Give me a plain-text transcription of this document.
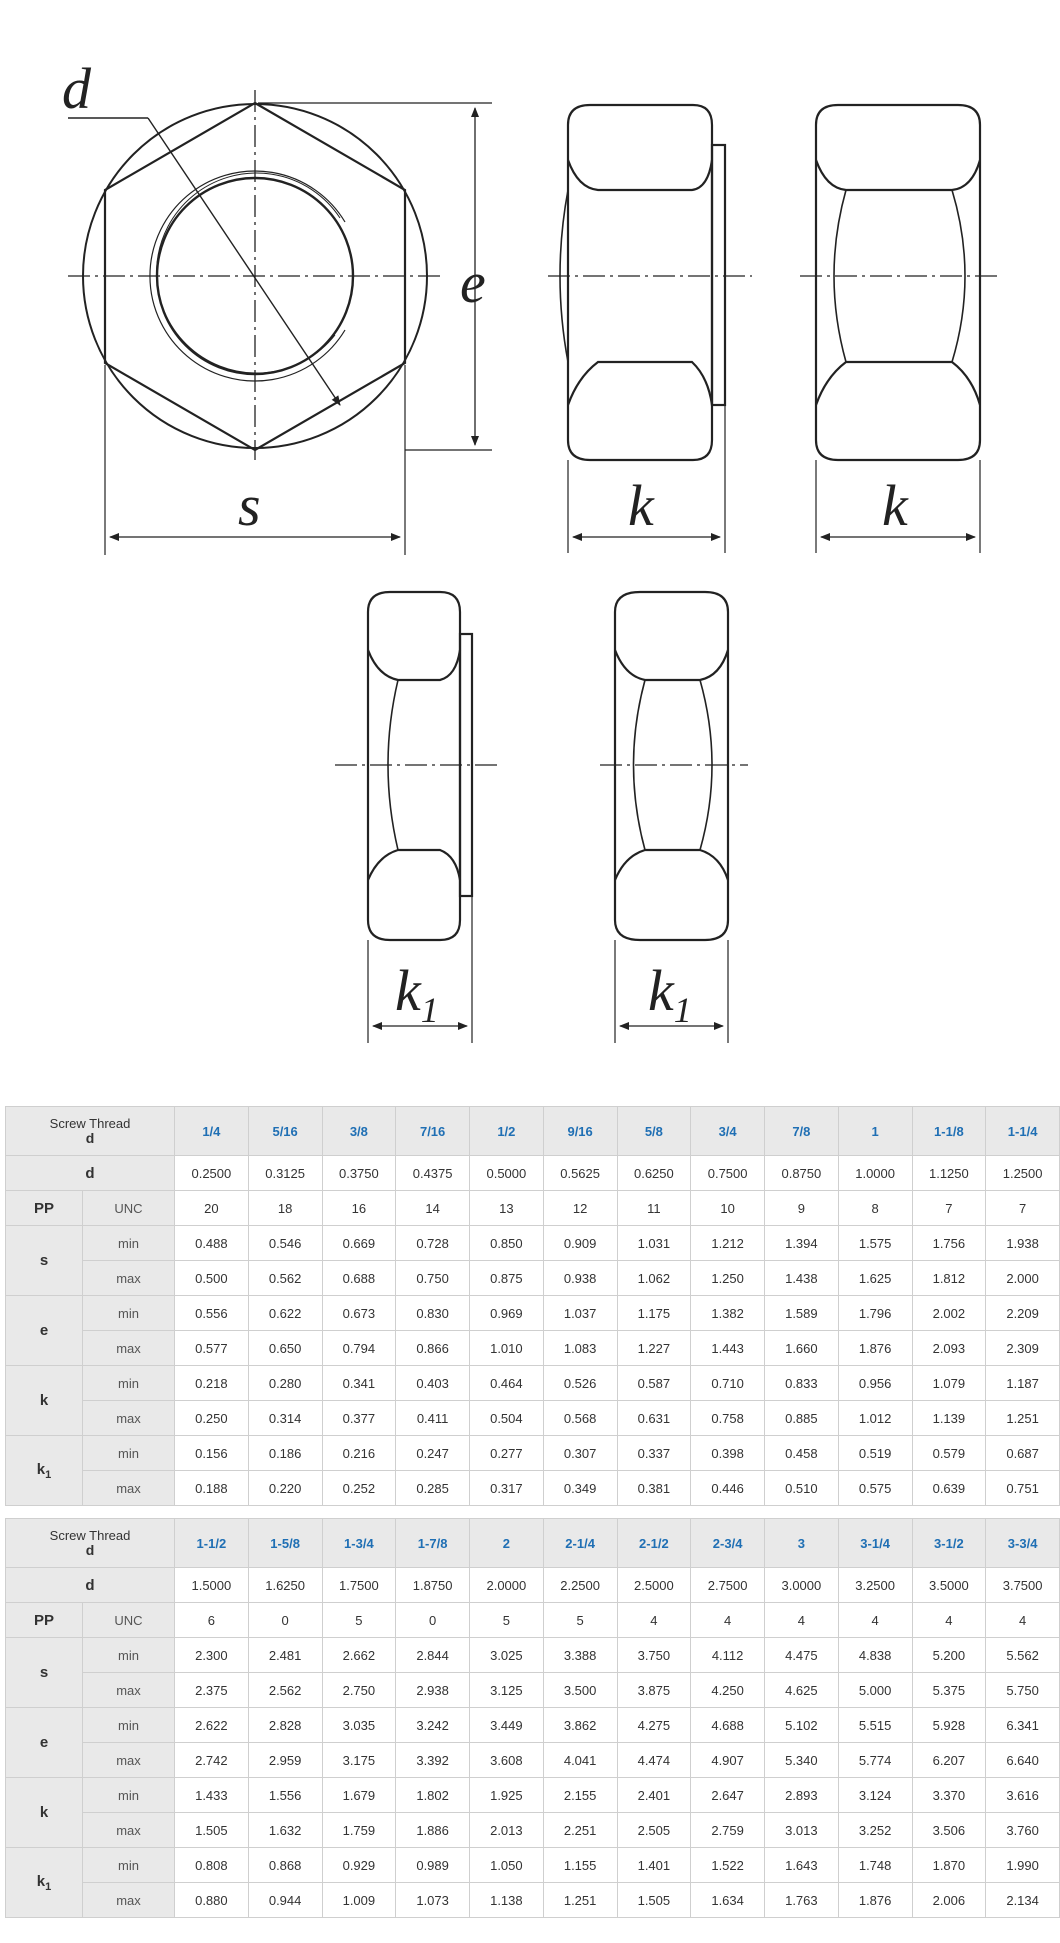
d
e
s	k	k
$k_1$	$k_1$
Screw Thread
d		1/4	5/16	3/8	7/16	1/2	9/16	5/8	3/4	7/8	1	1-1/8	1-1/4
d		0.2500	0.3125	0.3750	0.4375	0.5000	0.5625	0.6250	0.7500	0.8750	1.0000	1.1250	1.2500
PP	UNC	20	18	16	14	13	12	11	10	9	8	7	7
s	min	0.488	0.546	0.669	0.728	0.850	0.909	1.031	1.212	1.394	1.575	1.756	1.938
	max	0.500	0.562	0.688	0.750	0.875	0.938	1.062	1.250	1.438	1.625	1.812	2.000
e	min	0.556	0.622	0.673	0.830	0.969	1.037	1.175	1.382	1.589	1.796	2.002	2.209
	max	0.577	0.650	0.794	0.866	1.010	1.083	1.227	1.443	1.660	1.876	2.093	2.309
k	min	0.218	0.280	0.341	0.403	0.464	0.526	0.587	0.710	0.833	0.956	1.079	1.187
	max	0.250	0.314	0.377	0.411	0.504	0.568	0.631	0.758	0.885	1.012	1.139	1.251
$k_1$	min	0.156	0.186	0.216	0.247	0.277	0.307	0.337	0.398	0.458	0.519	0.579	0.687
	max	0.188	0.220	0.252	0.285	0.317	0.349	0.381	0.446	0.510	0.575	0.639	0.751
Screw Thread
d		1-1/2	1-5/8	1-3/4	1-7/8	2	2-1/4	2-1/2	2-3/4	3	3-1/4	3-1/2	3-3/4
d		1.5000	1.6250	1.7500	1.8750	2.0000	2.2500	2.5000	2.7500	3.0000	3.2500	3.5000	3.7500
PP	UNC	6	0	5	0	5	5	4	4	4	4	4	4
s	min	2.300	2.481	2.662	2.844	3.025	3.388	3.750	4.112	4.475	4.838	5.200	5.562
	max	2.375	2.562	2.750	2.938	3.125	3.500	3.875	4.250	4.625	5.000	5.375	5.750
e	min	2.622	2.828	3.035	3.242	3.449	3.862	4.275	4.688	5.102	5.515	5.928	6.341
	max	2.742	2.959	3.175	3.392	3.608	4.041	4.474	4.907	5.340	5.774	6.207	6.640
k	min	1.433	1.556	1.679	1.802	1.925	2.155	2.401	2.647	2.893	3.124	3.370	3.616
	max	1.505	1.632	1.759	1.886	2.013	2.251	2.505	2.759	3.013	3.252	3.506	3.760
$k_1$	min	0.808	0.868	0.929	0.989	1.050	1.155	1.401	1.522	1.643	1.748	1.870	1.990
	max	0.880	0.944	1.009	1.073	1.138	1.251	1.505	1.634	1.763	1.876	2.006	2.134
